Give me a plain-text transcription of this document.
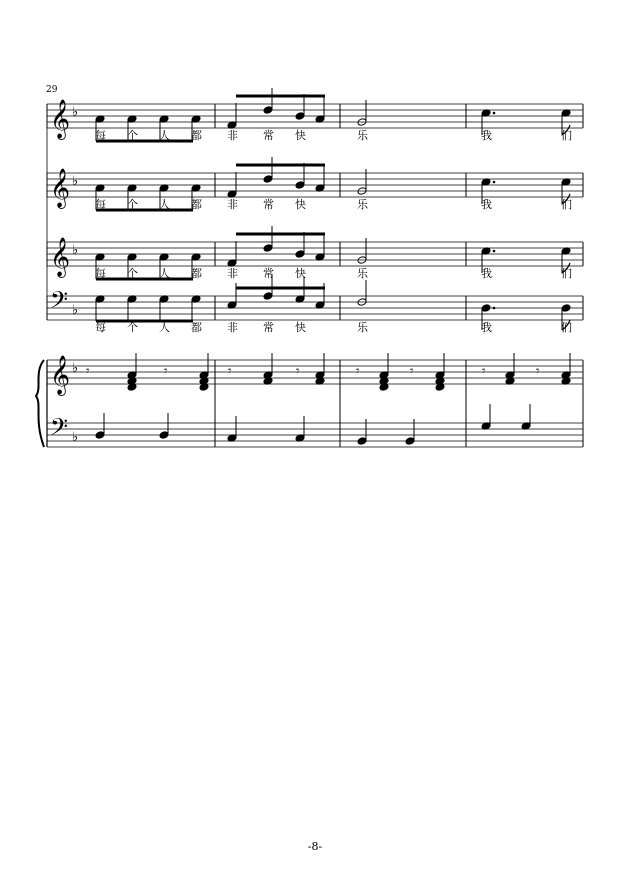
𝄞 ♭
𝄞 ♭
𝄞 ♭
𝄢 ♭
𝄞 ♭
𝄢 ♭
𝄾	𝄾	𝄾	𝄾	𝄾	𝄾	𝄾	𝄾
每 个 人 都 非 常 快	乐	我	们
每 个 人 都 非 常 快	乐	我	们
每 个 人 都 非 常 快	乐	我	们
每 个 人 都 非 常 快	乐	我	们
29
-8-
